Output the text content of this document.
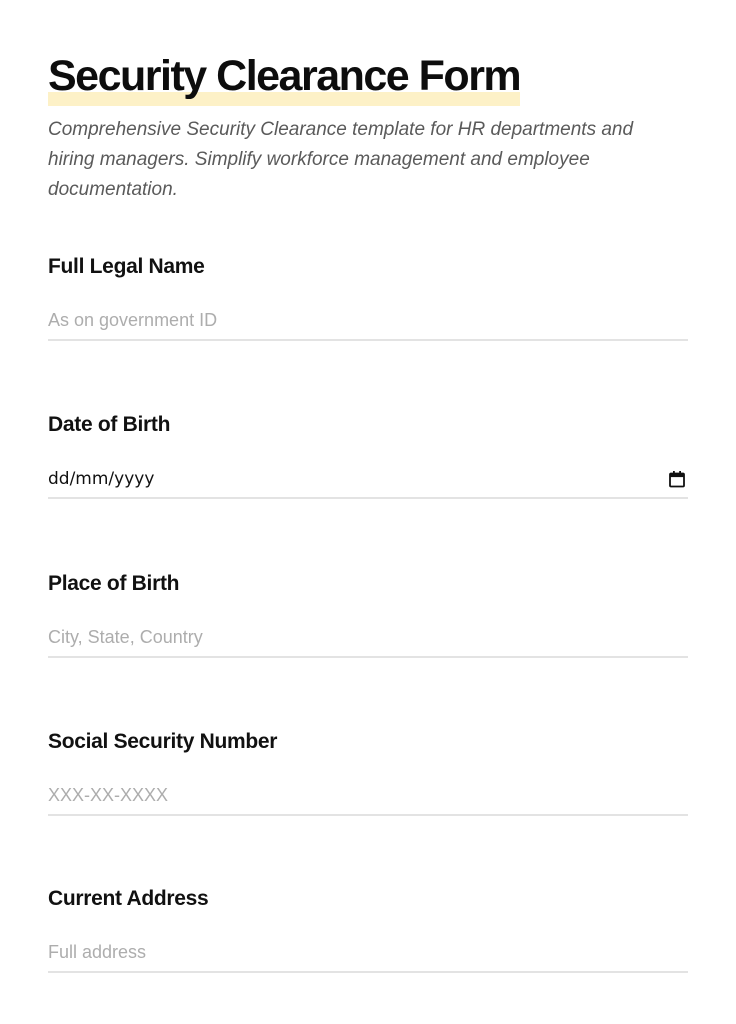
Security Clearance Form

Comprehensive Security Clearance template for HR departments and hiring managers. Simplify workforce management and employee documentation.

Full Legal Name
As on government ID
Date of Birth
dd/mm/yyyy
Place of Birth
City, State, Country
Social Security Number
XXX-XX-XXXX
Current Address
Full address
